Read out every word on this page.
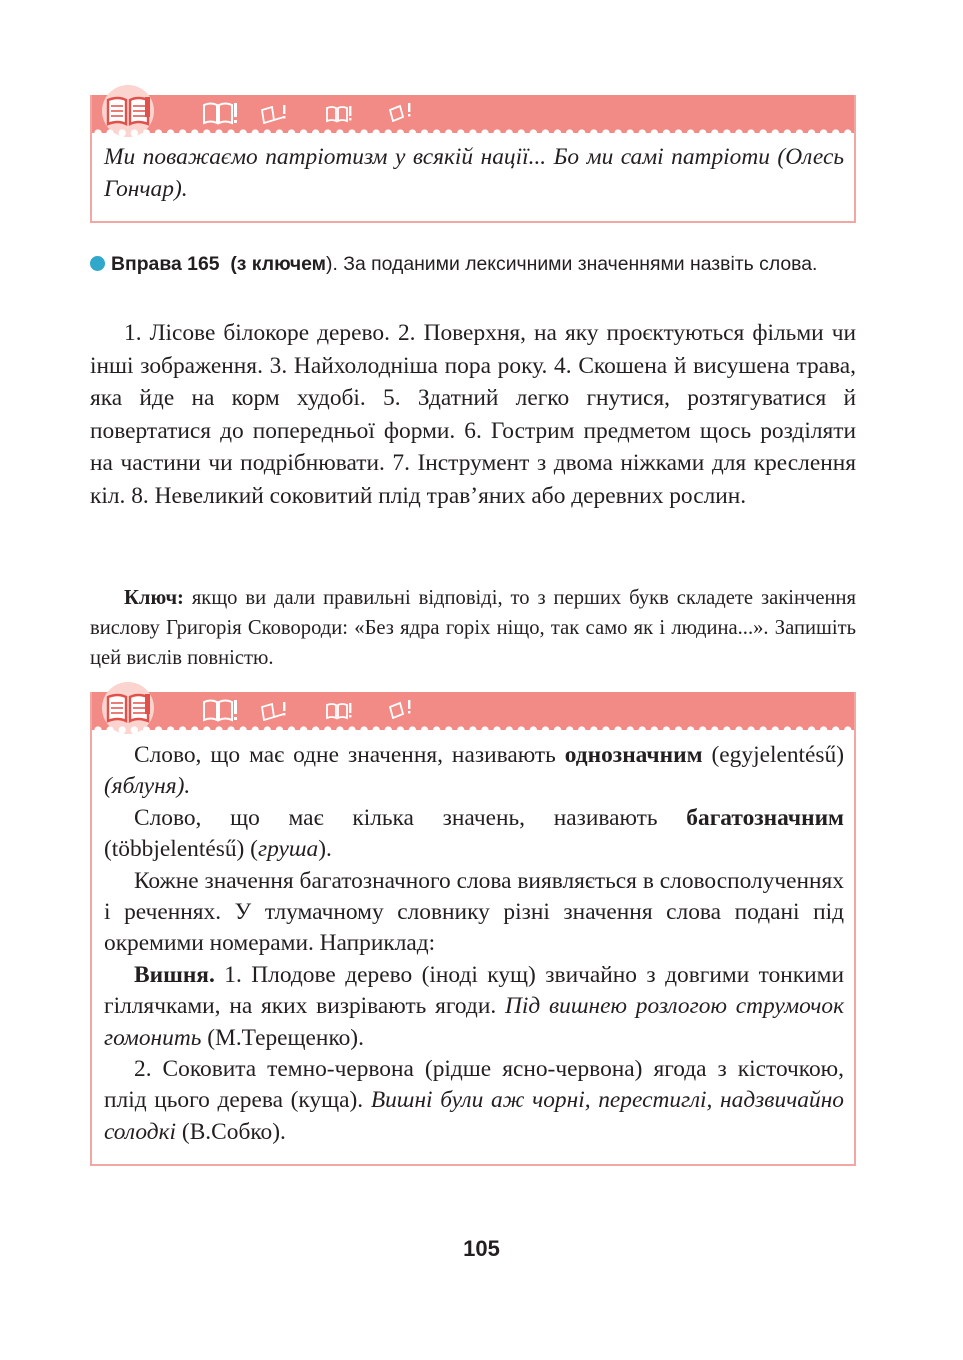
Ми поважаємо патріотизм у всякій нації... Бо ми самі патріоти (Олесь Гончар).
Вправа 165 (з ключем). За поданими лексичними значеннями назвіть слова.

1. Лісове білокоре дерево. 2. Поверхня, на яку проєктуються фільми чи інші зображення. 3. Найхолодніша пора року. 4. Скошена й висушена трава, яка йде на корм худобі. 5. Здатний легко гнутися, розтягуватися й повертатися до попередньої форми. 6. Гострим предметом щось розділяти на частини чи подрібнювати. 7. Інструмент з двома ніжками для креслення кіл. 8. Невеликий соковитий плід трав’яних або деревних рослин.

Ключ: якщо ви дали правильні відповіді, то з перших букв складете закінчення вислову Григорія Сковороди: «Без ядра горіх ніщо, так само як і людина...». Запишіть цей вислів повністю.

Слово, що має одне значення, називають однозначним (egyjelentésű) (яблуня).

Слово, що має кілька значень, називають багатозначним (többjelentésű) (груша).

Кожне значення багатозначного слова виявляється в словосполученнях і реченнях. У тлумачному словнику різні значення слова подані під окремими номерами. Наприклад:

Вишня. 1. Плодове дерево (іноді кущ) звичайно з довгими тонкими гіллячками, на яких визрівають ягоди. Під вишнею розлогою струмочок гомонить (М.Терещенко).

2. Соковита темно-червона (рідше ясно-червона) ягода з кісточкою, плід цього дерева (куща). Вишні були аж чорні, перестиглі, надзвичайно солодкі (В.Собко).

105
